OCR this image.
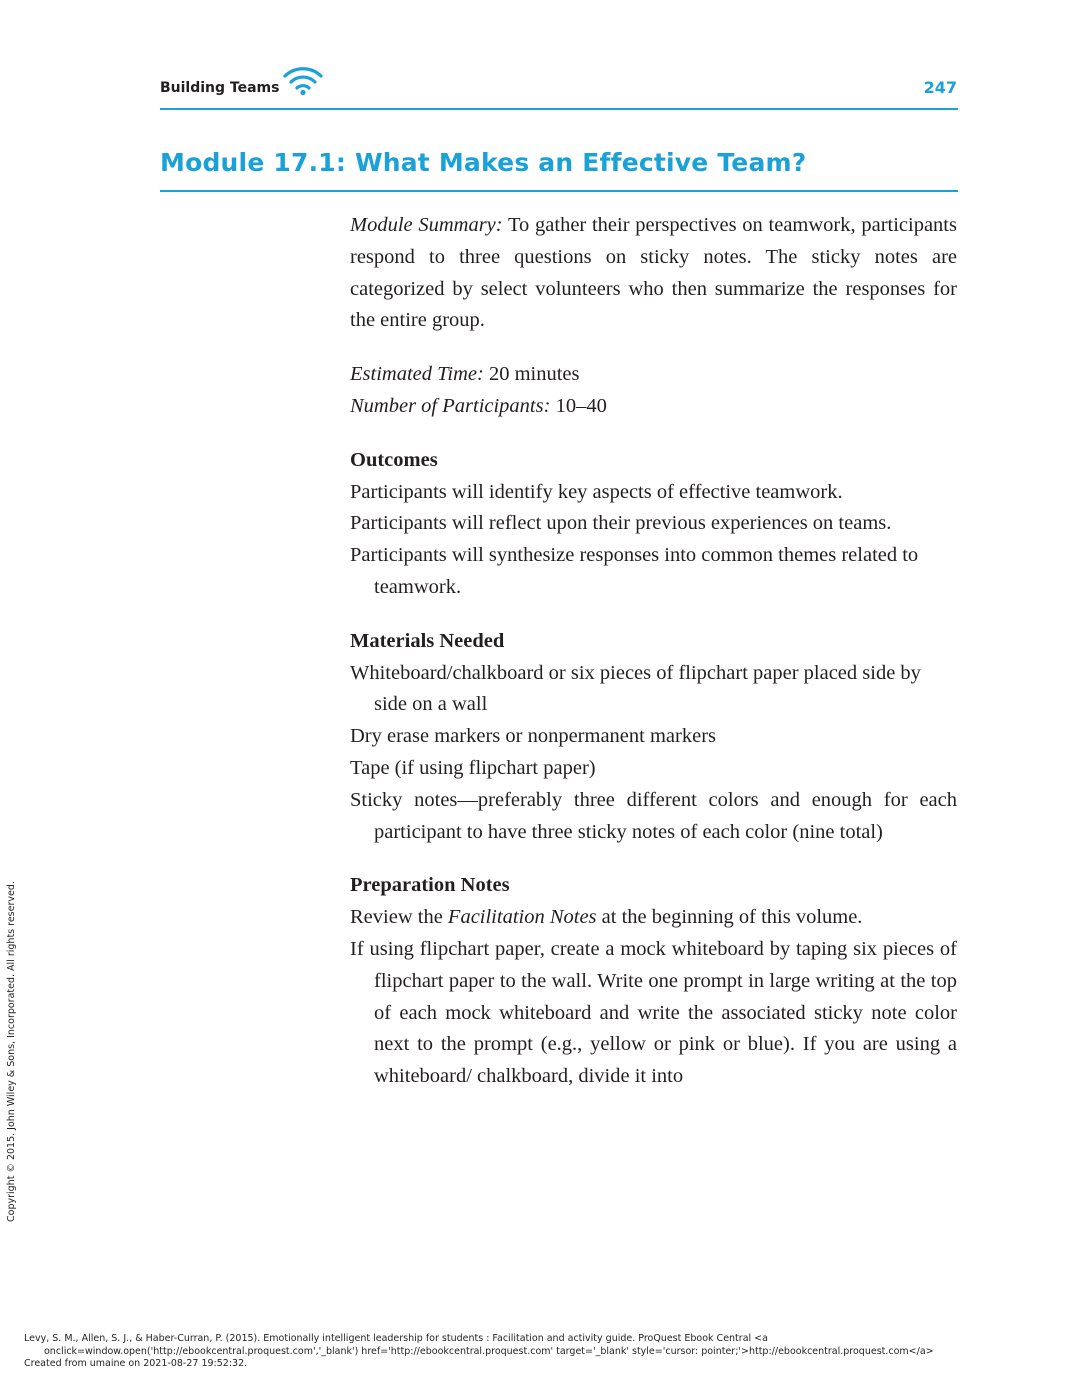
Building Teams	247
Module 17.1: What Makes an Effective Team?

Module Summary: To gather their perspectives on teamwork, participants respond to three questions on sticky notes. The sticky notes are categorized by select volunteers who then summarize the responses for the entire group.

Estimated Time: 20 minutes

Number of Participants: 10–40

Outcomes

Participants will identify key aspects of effective teamwork.

Participants will reflect upon their previous experiences on teams.

Participants will synthesize responses into common themes related to teamwork.

Materials Needed

Whiteboard/chalkboard or six pieces of flipchart paper placed side by side on a wall

Dry erase markers or nonpermanent markers

Tape (if using flipchart paper)

Sticky notes—preferably three different colors and enough for each participant to have three sticky notes of each color (nine total)

Preparation Notes

Review the Facilitation Notes at the beginning of this volume.

If using flipchart paper, create a mock whiteboard by taping six pieces of flipchart paper to the wall. Write one prompt in large writing at the top of each mock whiteboard and write the associated sticky note color next to the prompt (e.g., yellow or pink or blue). If you are using a whiteboard/ chalkboard, divide it into

Copyright © 2015. John Wiley & Sons, Incorporated. All rights reserved.
Levy, S. M., Allen, S. J., & Haber-Curran, P. (2015). Emotionally intelligent leadership for students : Facilitation and activity guide. ProQuest Ebook Central <a
onclick=window.open('http://ebookcentral.proquest.com','_blank') href='http://ebookcentral.proquest.com' target='_blank' style='cursor: pointer;'>http://ebookcentral.proquest.com</a>
Created from umaine on 2021-08-27 19:52:32.
